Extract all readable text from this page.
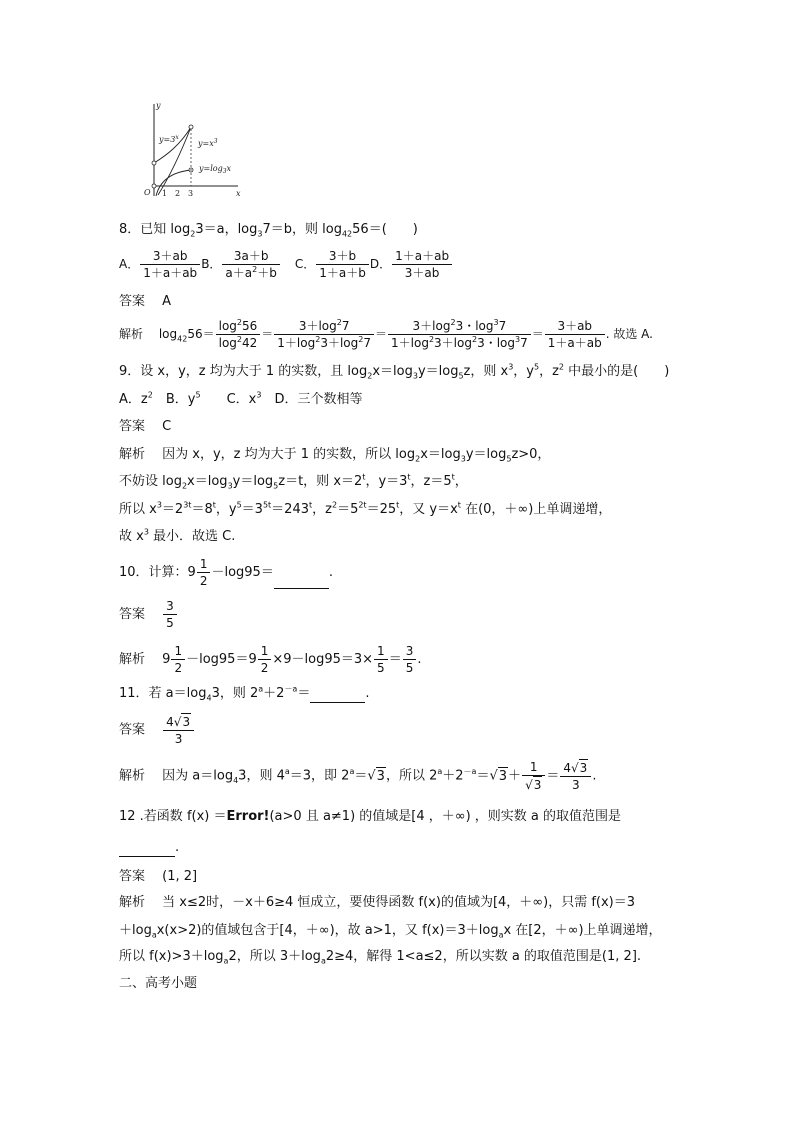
y
x
O 1 2 3
$y=3^x$
$y=x^3$
$y=\log_3x$
8．已知 $\log_23=a$，$\log_37=b$，则 $\log_{42}56=$(　　)
A． $\frac{3+ab}{1+a+ab}$ B． $\frac{3a+b}{a+a^2+b}$ C． $\frac{3+b}{1+a+b}$ D． $\frac{1+a+ab}{3+ab}$
答案　 A
解析　 $\log_{42}56= \frac{\log^256}{\log^242} = \frac{3+\log^27}{1+\log^23+\log^27} = \frac{3+\log^23・\log^37}{1+\log^23+\log^23・\log^37} = \frac{3+ab}{1+a+ab}$ . 故选 A.
9．设 x，y，z 均为大于 1 的实数，且 $\log_2x=\log_3y=\log_5z$，则 $x^3$，$y^5$，$z^2$ 中最小的是(　　)
A．$z^2$　 B．$y^5$　　 C．$x^3$　 D．三个数相等
答案　 C
解析　 因为 x，y，z 均为大于 1 的实数，所以 $\log_2x=\log_3y=\log_5z>0$，
不妨设 $\log_2x=\log_3y=\log_5z=t$，则 $x=2^t$，$y=3^t$，$z=5^t$，
所以 $x^3=2^{3t}=8^t$，$y^5=3^{5t}=243^t$，$z^2=5^{2t}=25^t$，又 $y=x^t$ 在(0，＋∞)上单调递增，
故 $x^3$ 最小．故选 C.
10．计算：$9 \frac{1}{2} -\log 95=$	.
答案　 $\frac{3}{5}$
解析　 $9 \frac{1}{2} -\log 95=9 \frac{1}{2} \times 9-\log 95=3\times \frac{1}{5} = \frac{3}{5}$ .
11．若 $a=\log_43$，则 $2^a+2^{-a}=$	.
答案　 $\frac{4√3}{3}$
解析　 因为 $a=\log_43$，则 $4^a=3$，即 $2^a=√3$，所以 $2^a+2^{-a}=√3+ \frac{1}{√3} = \frac{4√3}{3}$ .
12 .若函数 f(x) ＝Error!(a>0 且 a≠1) 的值域是[4 ，＋∞) ，则实数 a 的取值范围是
.
答案　 (1, 2]
解析　 当 x≤2时，－x＋6≥4 恒成立，要使得函数 f(x)的值域为[4，＋∞)，只需 f(x)＝3
$+\log_ax(x>2)$的值域包含于[4，＋∞)，故 a>1，又 $f(x)=3+\log_ax$ 在[2，＋∞)上单调递增，
所以 $f(x)>3+\log_a2$，所以 $3+\log_a2\ge 4$，解得 1<a≤2，所以实数 a 的取值范围是(1, 2].
二、高考小题
